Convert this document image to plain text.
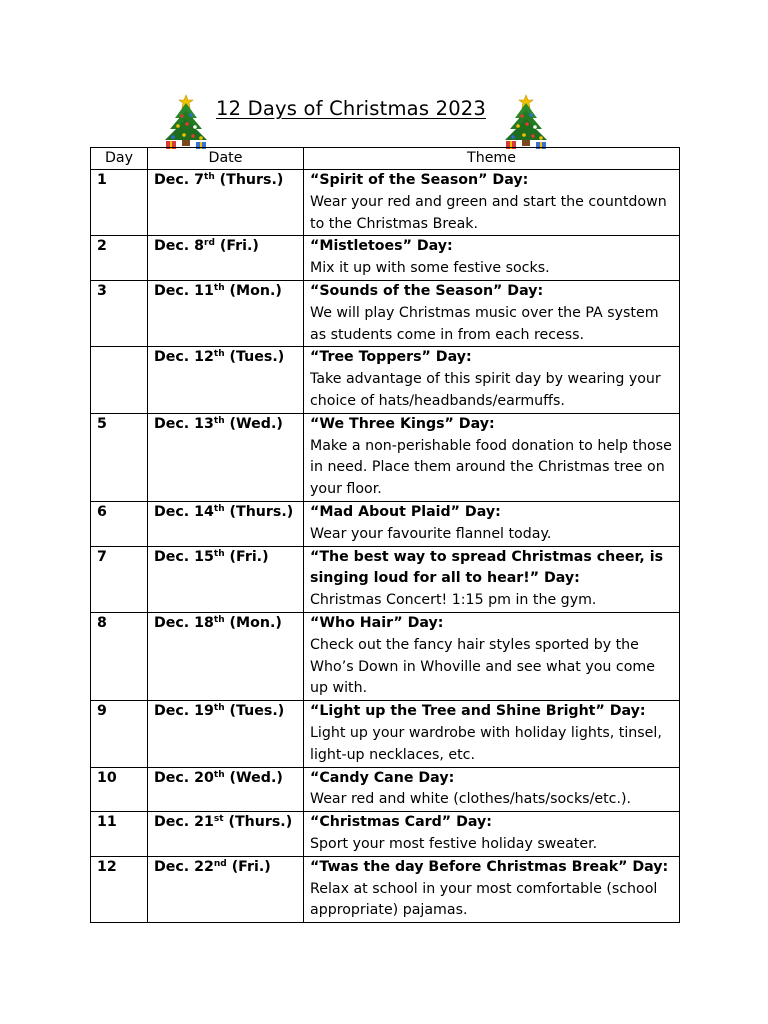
12 Days of Christmas 2023
Day	Date	Theme
1	Dec. 7th (Thurs.)	“Spirit of the Season” Day:
Wear your red and green and start the countdown to the Christmas Break.

2	Dec. 8rd (Fri.)	“Mistletoes” Day:
Mix it up with some festive socks.

3	Dec. 11th (Mon.)	“Sounds of the Season” Day:
We will play Christmas music over the PA system as students come in from each recess.

	Dec. 12th (Tues.)	“Tree Toppers” Day:
Take advantage of this spirit day by wearing your choice of hats/headbands/earmuffs.

5	Dec. 13th (Wed.)	“We Three Kings” Day:
Make a non-perishable food donation to help those in need. Place them around the Christmas tree on your floor.

6	Dec. 14th (Thurs.)	“Mad About Plaid” Day:
Wear your favourite flannel today.

7	Dec. 15th (Fri.)	“The best way to spread Christmas cheer, is singing loud for all to hear!” Day:
Christmas Concert! 1:15 pm in the gym.

8	Dec. 18th (Mon.)	“Who Hair” Day:
Check out the fancy hair styles sported by the Who’s Down in Whoville and see what you come up with.

9	Dec. 19th (Tues.)	“Light up the Tree and Shine Bright” Day:
Light up your wardrobe with holiday lights, tinsel, light-up necklaces, etc.

10	Dec. 20th (Wed.)	“Candy Cane Day:
Wear red and white (clothes/hats/socks/etc.).

11	Dec. 21st (Thurs.)	“Christmas Card” Day:
Sport your most festive holiday sweater.

12	Dec. 22nd (Fri.)	“Twas the day Before Christmas Break” Day:
Relax at school in your most comfortable (school appropriate) pajamas.
